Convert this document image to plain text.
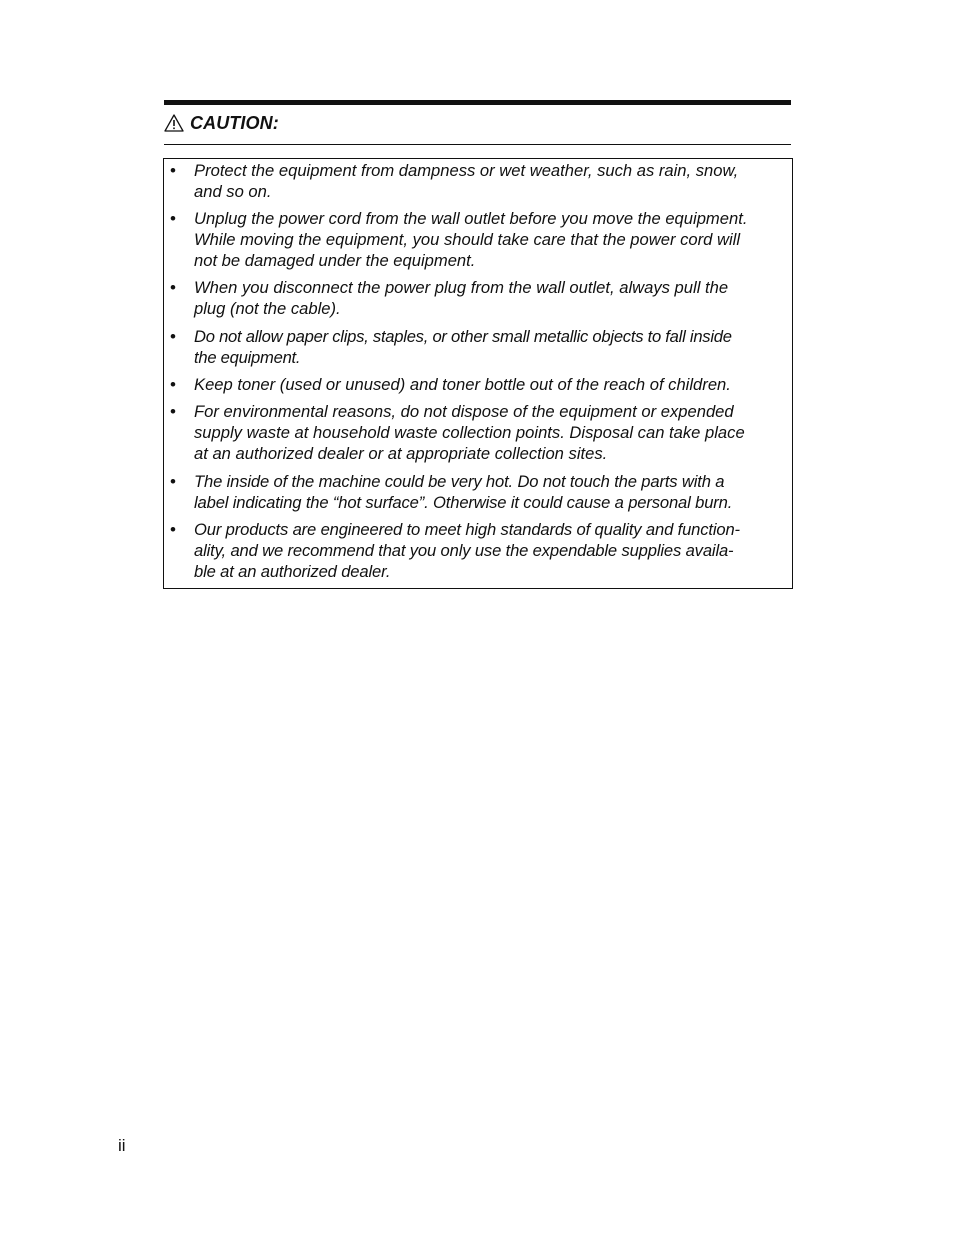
CAUTION:
• Protect the equipment from dampness or wet weather, such as rain, snow,
and so on.
• Unplug the power cord from the wall outlet before you move the equipment.
While moving the equipment, you should take care that the power cord will
not be damaged under the equipment.
• When you disconnect the power plug from the wall outlet, always pull the
plug (not the cable).
• Do not allow paper clips, staples, or other small metallic objects to fall inside
the equipment.
• Keep toner (used or unused) and toner bottle out of the reach of children.
• For environmental reasons, do not dispose of the equipment or expended
supply waste at household waste collection points. Disposal can take place
at an authorized dealer or at appropriate collection sites.
• The inside of the machine could be very hot. Do not touch the parts with a
label indicating the “hot surface”. Otherwise it could cause a personal burn.
• Our products are engineered to meet high standards of quality and function-
ality, and we recommend that you only use the expendable supplies availa-
ble at an authorized dealer.
ii
